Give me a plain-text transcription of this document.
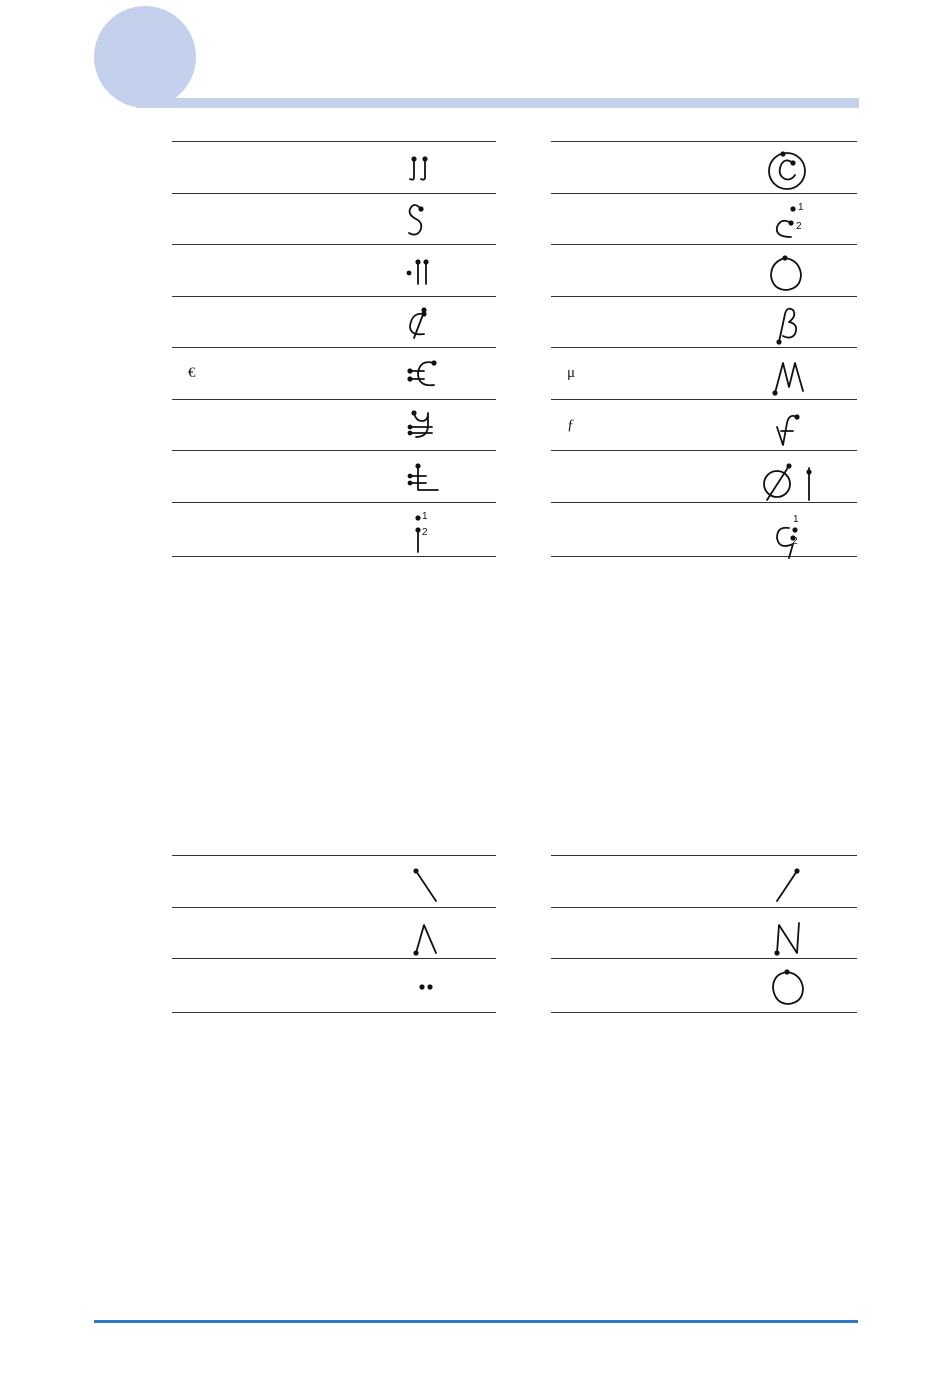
€
1
2
1
2
μ
ƒ
1
2
